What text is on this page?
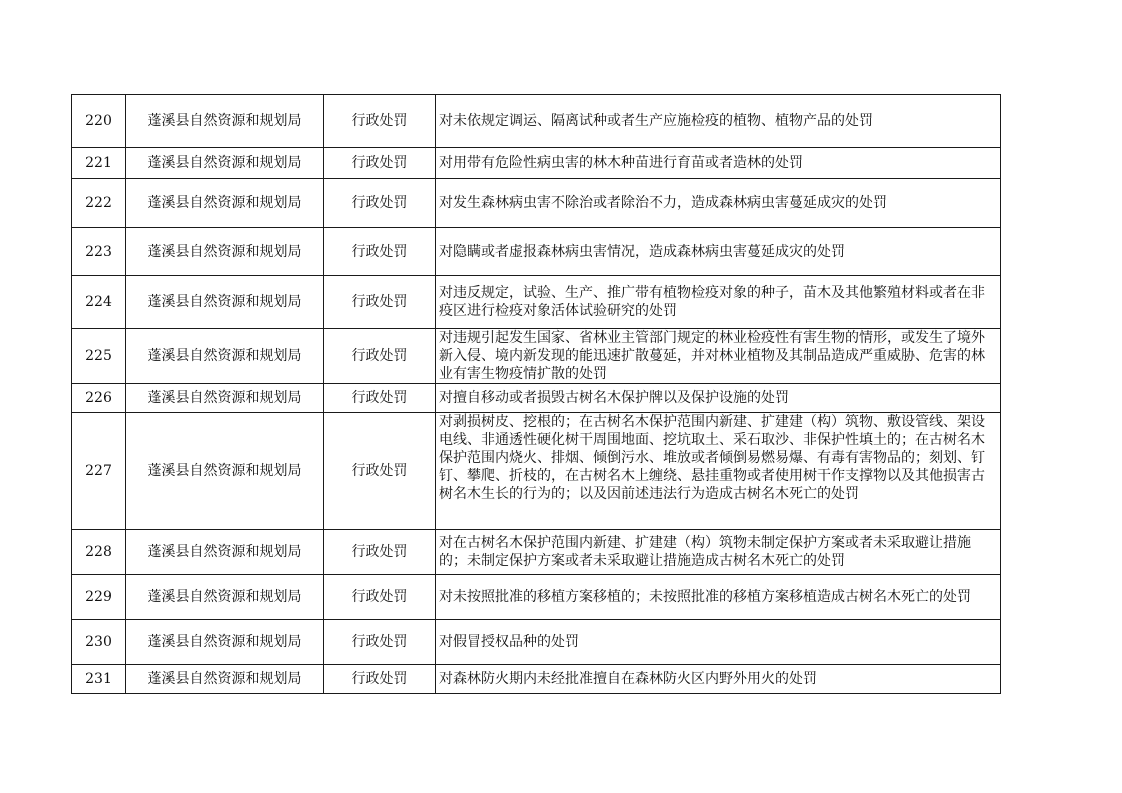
220	蓬溪县自然资源和规划局	行政处罚	对未依规定调运、隔离试种或者生产应施检疫的植物、植物产品的处罚

221	蓬溪县自然资源和规划局	行政处罚	对用带有危险性病虫害的林木种苗进行育苗或者造林的处罚

222	蓬溪县自然资源和规划局	行政处罚	对发生森林病虫害不除治或者除治不力，造成森林病虫害蔓延成灾的处罚

223	蓬溪县自然资源和规划局	行政处罚	对隐瞒或者虚报森林病虫害情况，造成森林病虫害蔓延成灾的处罚

224	蓬溪县自然资源和规划局	行政处罚	对违反规定，试验、生产、推广带有植物检疫对象的种子，苗木及其他繁殖材料或者在非疫区进行检疫对象活体试验研究的处罚

225	蓬溪县自然资源和规划局	行政处罚	对违规引起发生国家、省林业主管部门规定的林业检疫性有害生物的情形，或发生了境外新入侵、境内新发现的能迅速扩散蔓延，并对林业植物及其制品造成严重威胁、危害的林业有害生物疫情扩散的处罚

226	蓬溪县自然资源和规划局	行政处罚	对擅自移动或者损毁古树名木保护牌以及保护设施的处罚

227	蓬溪县自然资源和规划局	行政处罚	对剥损树皮、挖根的；在古树名木保护范围内新建、扩建建（构）筑物、敷设管线、架设电线、非通透性硬化树干周围地面、挖坑取土、采石取沙、非保护性填土的；在古树名木保护范围内烧火、排烟、倾倒污水、堆放或者倾倒易燃易爆、有毒有害物品的；刻划、钉钉、攀爬、折枝的，在古树名木上缠绕、悬挂重物或者使用树干作支撑物以及其他损害古树名木生长的行为的；以及因前述违法行为造成古树名木死亡的处罚

228	蓬溪县自然资源和规划局	行政处罚	对在古树名木保护范围内新建、扩建建（构）筑物未制定保护方案或者未采取避让措施的；未制定保护方案或者未采取避让措施造成古树名木死亡的处罚

229	蓬溪县自然资源和规划局	行政处罚	对未按照批准的移植方案移植的；未按照批准的移植方案移植造成古树名木死亡的处罚

230	蓬溪县自然资源和规划局	行政处罚	对假冒授权品种的处罚

231	蓬溪县自然资源和规划局	行政处罚	对森林防火期内未经批准擅自在森林防火区内野外用火的处罚
